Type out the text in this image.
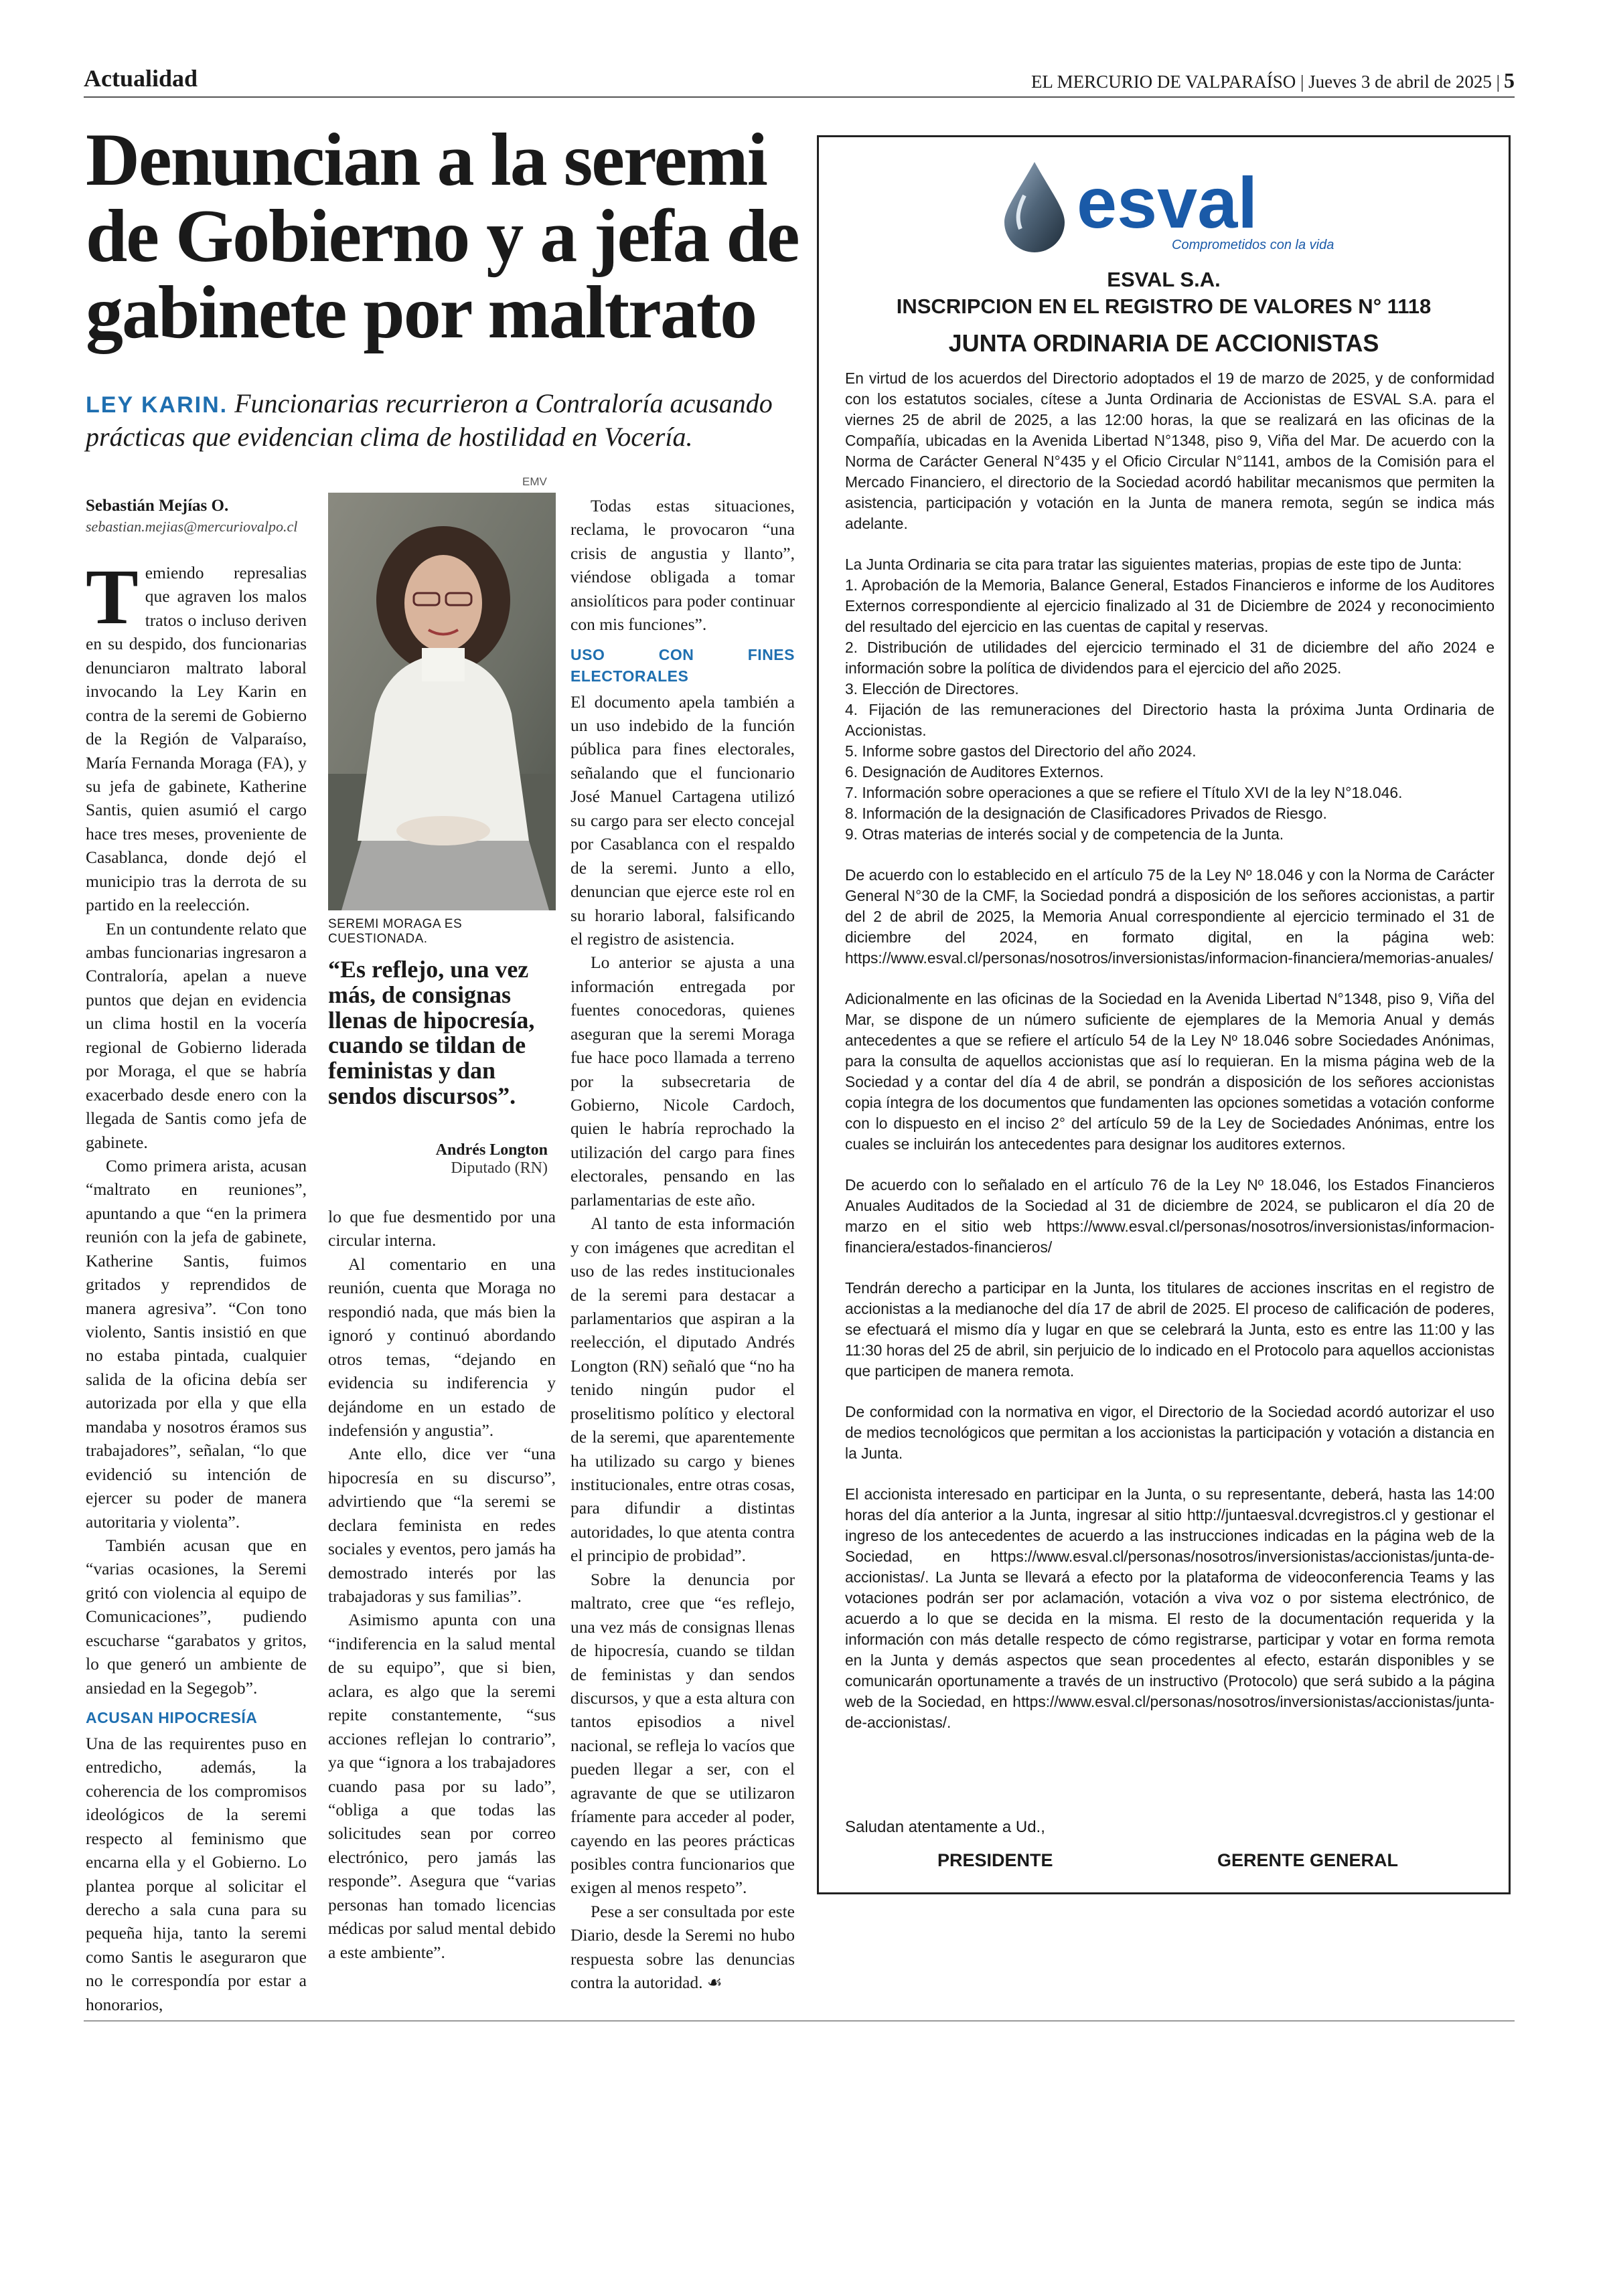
Actualidad	EL MERCURIO DE VALPARAÍSO | Jueves 3 de abril de 2025 | 5
Denuncian a la seremi de Gobierno y a jefa de gabinete por maltrato
LEY KARIN. Funcionarias recurrieron a Contraloría acusando prácticas que evidencian clima de hostilidad en Vocería.
Sebastián Mejías O.
sebastian.mejias@mercuriovalpo.cl

Temiendo represalias que agraven los malos tratos o incluso deriven en su despido, dos funcionarias denunciaron maltrato laboral invocando la Ley Karin en contra de la seremi de Gobierno de la Región de Valparaíso, María Fernanda Moraga (FA), y su jefa de gabinete, Katherine Santis, quien asumió el cargo hace tres meses, proveniente de Casablanca, donde dejó el municipio tras la derrota de su partido en la reelección.

En un contundente relato que ambas funcionarias ingresaron a Contraloría, apelan a nueve puntos que dejan en evidencia un clima hostil en la vocería regional de Gobierno liderada por Moraga, el que se habría exacerbado desde enero con la llegada de Santis como jefa de gabinete.

Como primera arista, acusan “maltrato en reuniones”, apuntando a que “en la primera reunión con la jefa de gabinete, Katherine Santis, fuimos gritados y reprendidos de manera agresiva”. “Con tono violento, Santis insistió en que no estaba pintada, cualquier salida de la oficina debía ser autorizada por ella y que ella mandaba y nosotros éramos sus trabajadores”, señalan, “lo que evidenció su intención de ejercer su poder de manera autoritaria y violenta”.

También acusan que en “varias ocasiones, la Seremi gritó con violencia al equipo de Comunicaciones”, pudiendo escucharse “garabatos y gritos, lo que generó un ambiente de ansiedad en la Segegob”.

ACUSAN HIPOCRESÍA

Una de las requirentes puso en entredicho, además, la coherencia de los compromisos ideológicos de la seremi respecto al feminismo que encarna ella y el Gobierno. Lo plantea porque al solicitar el derecho a sala cuna para su pequeña hija, tanto la seremi como Santis le aseguraron que no le correspondía por estar a honorarios,

EMV
SEREMI MORAGA ES CUESTIONADA.
“Es reflejo, una vez más, de consignas llenas de hipocresía, cuando se tildan de feministas y dan sendos discursos”.
Andrés Longton
Diputado (RN)

lo que fue desmentido por una circular interna.

Al comentario en una reunión, cuenta que Moraga no respondió nada, que más bien la ignoró y continuó abordando otros temas, “dejando en evidencia su indiferencia y dejándome en un estado de indefensión y angustia”.

Ante ello, dice ver “una hipocresía en su discurso”, advirtiendo que “la seremi se declara feminista en redes sociales y eventos, pero jamás ha demostrado interés por las trabajadoras y sus familias”.

Asimismo apunta con una “indiferencia en la salud mental de su equipo”, que si bien, aclara, es algo que la seremi repite constantemente, “sus acciones reflejan lo contrario”, ya que “ignora a los trabajadores cuando pasa por su lado”, “obliga a que todas las solicitudes sean por correo electrónico, pero jamás las responde”. Asegura que “varias personas han tomado licencias médicas por salud mental debido a este ambiente”.

Todas estas situaciones, reclama, le provocaron “una crisis de angustia y llanto”, viéndose obligada a tomar ansiolíticos para poder continuar con mis funciones”.

USO CON FINES ELECTORALES

El documento apela también a un uso indebido de la función pública para fines electorales, señalando que el funcionario José Manuel Cartagena utilizó su cargo para ser electo concejal por Casablanca con el respaldo de la seremi. Junto a ello, denuncian que ejerce este rol en su horario laboral, falsificando el registro de asistencia.

Lo anterior se ajusta a una información entregada por fuentes conocedoras, quienes aseguran que la seremi Moraga fue hace poco llamada a terreno por la subsecretaria de Gobierno, Nicole Cardoch, quien le habría reprochado la utilización del cargo para fines electorales, pensando en las parlamentarias de este año.

Al tanto de esta información y con imágenes que acreditan el uso de las redes institucionales de la seremi para destacar a parlamentarios que aspiran a la reelección, el diputado Andrés Longton (RN) señaló que “no ha tenido ningún pudor el proselitismo político y electoral de la seremi, que aparentemente ha utilizado su cargo y bienes institucionales, entre otras cosas, para difundir a distintas autoridades, lo que atenta contra el principio de probidad”.

Sobre la denuncia por maltrato, cree que “es reflejo, una vez más de consignas llenas de hipocresía, cuando se tildan de feministas y dan sendos discursos, y que a esta altura con tantos episodios a nivel nacional, se refleja lo vacíos que pueden llegar a ser, con el agravante de que se utilizaron fríamente para acceder al poder, cayendo en las peores prácticas posibles contra funcionarios que exigen al menos respeto”.

Pese a ser consultada por este Diario, desde la Seremi no hubo respuesta sobre las denuncias contra la autoridad. ☙

esval
Comprometidos con la vida
ESVAL S.A.
INSCRIPCION EN EL REGISTRO DE VALORES N° 1118
JUNTA ORDINARIA DE ACCIONISTAS

En virtud de los acuerdos del Directorio adoptados el 19 de marzo de 2025, y de conformidad con los estatutos sociales, cítese a Junta Ordinaria de Accionistas de ESVAL S.A. para el viernes 25 de abril de 2025, a las 12:00 horas, la que se realizará en las oficinas de la Compañía, ubicadas en la Avenida Libertad N°1348, piso 9, Viña del Mar. De acuerdo con la Norma de Carácter General N°435 y el Oficio Circular N°1141, ambos de la Comisión para el Mercado Financiero, el directorio de la Sociedad acordó habilitar mecanismos que permiten la asistencia, participación y votación en la Junta de manera remota, según se indica más adelante.

La Junta Ordinaria se cita para tratar las siguientes materias, propias de este tipo de Junta:
1. Aprobación de la Memoria, Balance General, Estados Financieros e informe de los Auditores Externos correspondiente al ejercicio finalizado al 31 de Diciembre de 2024 y reconocimiento del resultado del ejercicio en las cuentas de capital y reservas.
2. Distribución de utilidades del ejercicio terminado el 31 de diciembre del año 2024 e información sobre la política de dividendos para el ejercicio del año 2025.
3. Elección de Directores.
4. Fijación de las remuneraciones del Directorio hasta la próxima Junta Ordinaria de Accionistas.
5. Informe sobre gastos del Directorio del año 2024.
6. Designación de Auditores Externos.
7. Información sobre operaciones a que se refiere el Título XVI de la ley N°18.046.
8. Información de la designación de Clasificadores Privados de Riesgo.
9. Otras materias de interés social y de competencia de la Junta.

De acuerdo con lo establecido en el artículo 75 de la Ley Nº 18.046 y con la Norma de Carácter General N°30 de la CMF, la Sociedad pondrá a disposición de los señores accionistas, a partir del 2 de abril de 2025, la Memoria Anual correspondiente al ejercicio terminado el 31 de diciembre del 2024, en formato digital, en la página web: https://www.esval.cl/personas/nosotros/inversionistas/informacion-financiera/memorias-anuales/

Adicionalmente en las oficinas de la Sociedad en la Avenida Libertad N°1348, piso 9, Viña del Mar, se dispone de un número suficiente de ejemplares de la Memoria Anual y demás antecedentes a que se refiere el artículo 54 de la Ley Nº 18.046 sobre Sociedades Anónimas, para la consulta de aquellos accionistas que así lo requieran. En la misma página web de la Sociedad y a contar del día 4 de abril, se pondrán a disposición de los señores accionistas copia íntegra de los documentos que fundamenten las opciones sometidas a votación conforme con lo dispuesto en el inciso 2° del artículo 59 de la Ley de Sociedades Anónimas, entre los cuales se incluirán los antecedentes para designar los auditores externos.

De acuerdo con lo señalado en el artículo 76 de la Ley Nº 18.046, los Estados Financieros Anuales Auditados de la Sociedad al 31 de diciembre de 2024, se publicaron el día 20 de marzo en el sitio web https://www.esval.cl/personas/nosotros/inversionistas/informacion-financiera/estados-financieros/

Tendrán derecho a participar en la Junta, los titulares de acciones inscritas en el registro de accionistas a la medianoche del día 17 de abril de 2025. El proceso de calificación de poderes, se efectuará el mismo día y lugar en que se celebrará la Junta, esto es entre las 11:00 y las 11:30 horas del 25 de abril, sin perjuicio de lo indicado en el Protocolo para aquellos accionistas que participen de manera remota.

De conformidad con la normativa en vigor, el Directorio de la Sociedad acordó autorizar el uso de medios tecnológicos que permitan a los accionistas la participación y votación a distancia en la Junta.

El accionista interesado en participar en la Junta, o su representante, deberá, hasta las 14:00 horas del día anterior a la Junta, ingresar al sitio http://juntaesval.dcvregistros.cl y gestionar el ingreso de los antecedentes de acuerdo a las instrucciones indicadas en la página web de la Sociedad, en https://www.esval.cl/personas/nosotros/inversionistas/accionistas/junta-de-accionistas/. La Junta se llevará a efecto por la plataforma de videoconferencia Teams y las votaciones podrán ser por aclamación, votación a viva voz o por sistema electrónico, de acuerdo a lo que se decida en la misma. El resto de la documentación requerida y la información con más detalle respecto de cómo registrarse, participar y votar en forma remota en la Junta y demás aspectos que sean procedentes al efecto, estarán disponibles y se comunicarán oportunamente a través de un instructivo (Protocolo) que será subido a la página web de la Sociedad, en https://www.esval.cl/personas/nosotros/inversionistas/accionistas/junta-de-accionistas/.

Saludan atentamente a Ud.,
PRESIDENTE	GERENTE GENERAL
